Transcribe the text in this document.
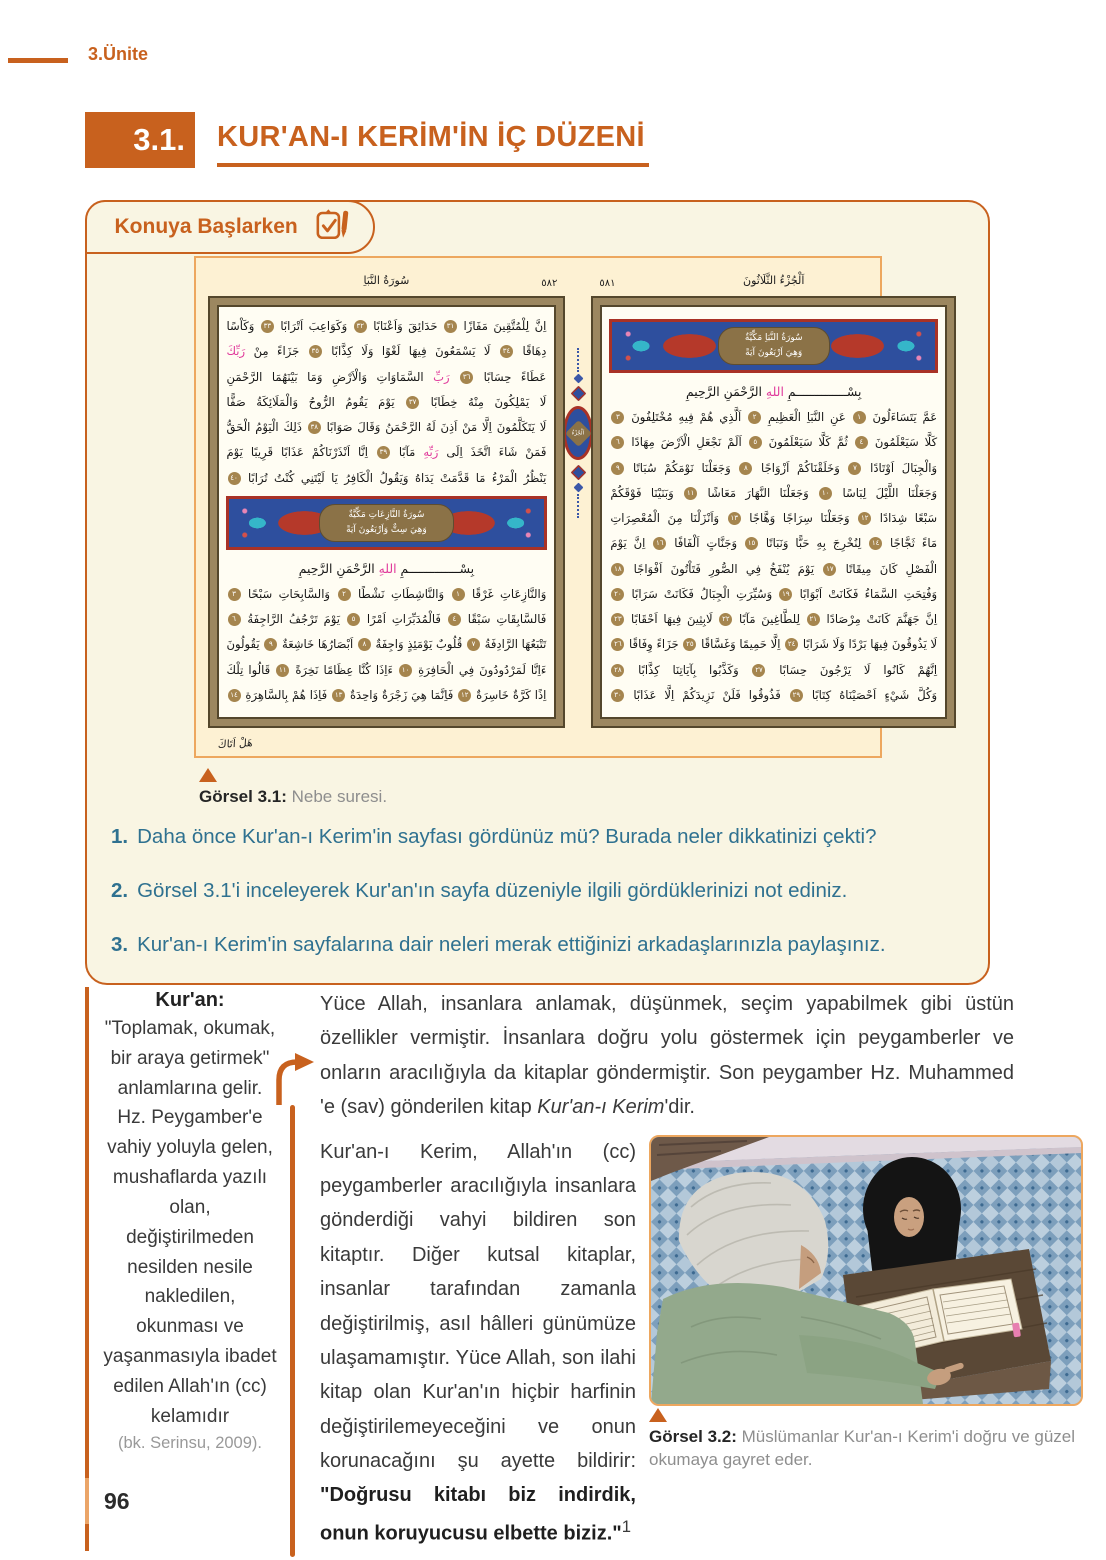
3.Ünite
3.1.	KUR'AN-I KERİM'İN İÇ DÜZENİ
Konuya Başlarken
سُورَةُ النَّبَاِ	٥٨٢
اِنَّ لِلْمُتَّقِينَ مَفَازًا ٣١ حَدَائِقَ وَاَعْنَابًا ٣٢ وَكَوَاعِبَ اَتْرَابًا ٣٣ وَكَاْسًا
دِهَاقًا ٣٤ لَا يَسْمَعُونَ فِيهَا لَغْوًا وَلَا كِذَّابًا ٣٥ جَزَاءً مِنْ رَبِّكَ
عَطَاءً حِسَابًا ٣٦ رَبِّ السَّمَاوَاتِ وَالْاَرْضِ وَمَا بَيْنَهُمَا الرَّحْمَنِ
لَا يَمْلِكُونَ مِنْهُ خِطَابًا ٣٧ يَوْمَ يَقُومُ الرُّوحُ وَالْمَلَائِكَةُ صَفًّا
لَا يَتَكَلَّمُونَ اِلَّا مَنْ اَذِنَ لَهُ الرَّحْمَنُ وَقَالَ صَوَابًا ٣٨ ذَلِكَ الْيَوْمُ الْحَقُّ
فَمَنْ شَاءَ اتَّخَذَ اِلَى رَبِّهِ مَآبًا ٣٩ اِنَّا اَنْذَرْنَاكُمْ عَذَابًا قَرِيبًا يَوْمَ
يَنْظُرُ الْمَرْءُ مَا قَدَّمَتْ يَدَاهُ وَيَقُولُ الْكَافِرُ يَا لَيْتَنِي كُنْتُ تُرَابًا ٤٠
سُورَةُ النَّازِعَاتِ مَكِّيَّةٌ
وَهِيَ سِتٌّ وَاَرْبَعُونَ آيَةً
بِسْــــــــــــــمِ اللهِ الرَّحْمَنِ الرَّحِيمِ
وَالنَّازِعَاتِ غَرْقًا ١ وَالنَّاشِطَاتِ نَشْطًا ٢ وَالسَّابِحَاتِ سَبْحًا ٣
فَالسَّابِقَاتِ سَبْقًا ٤ فَالْمُدَبِّرَاتِ اَمْرًا ٥ يَوْمَ تَرْجُفُ الرَّاجِفَةُ ٦
تَتْبَعُهَا الرَّادِفَةُ ٧ قُلُوبٌ يَوْمَئِذٍ وَاجِفَةٌ ٨ اَبْصَارُهَا خَاشِعَةٌ ٩ يَقُولُونَ
ءَاِنَّا لَمَرْدُودُونَ فِي الْحَافِرَةِ ١٠ ءَاِذَا كُنَّا عِظَامًا نَخِرَةً ١١ قَالُوا تِلْكَ
اِذًا كَرَّةٌ خَاسِرَةٌ ١٢ فَاِنَّمَا هِيَ زَجْرَةٌ وَاحِدَةٌ ١٣ فَاِذَا هُمْ بِالسَّاهِرَةِ ١٤
هَلْ اَتَاكَ
اَلْجُزْءُ
اَلْجُزْءُ الثَّلَاثُونَ
٥٨١
سُورَةُ النَّبَاِ مَكِّيَّةٌ
وَهِيَ اَرْبَعُونَ آيَةً
بِسْــــــــــــــمِ اللهِ الرَّحْمَنِ الرَّحِيمِ
عَمَّ يَتَسَاءَلُونَ ١ عَنِ النَّبَاِ الْعَظِيمِ ٢ اَلَّذِي هُمْ فِيهِ مُخْتَلِفُونَ ٣
كَلَّا سَيَعْلَمُونَ ٤ ثُمَّ كَلَّا سَيَعْلَمُونَ ٥ اَلَمْ نَجْعَلِ الْاَرْضَ مِهَادًا ٦
وَالْجِبَالَ اَوْتَادًا ٧ وَخَلَقْنَاكُمْ اَزْوَاجًا ٨ وَجَعَلْنَا نَوْمَكُمْ سُبَاتًا ٩
وَجَعَلْنَا اللَّيْلَ لِبَاسًا ١٠ وَجَعَلْنَا النَّهَارَ مَعَاشًا ١١ وَبَنَيْنَا فَوْقَكُمْ
سَبْعًا شِدَادًا ١٢ وَجَعَلْنَا سِرَاجًا وَهَّاجًا ١٣ وَاَنْزَلْنَا مِنَ الْمُعْصِرَاتِ
مَاءً ثَجَّاجًا ١٤ لِنُخْرِجَ بِهِ حَبًّا وَنَبَاتًا ١٥ وَجَنَّاتٍ اَلْفَافًا ١٦ اِنَّ يَوْمَ
الْفَصْلِ كَانَ مِيقَاتًا ١٧ يَوْمَ يُنْفَخُ فِي الصُّورِ فَتَاْتُونَ اَفْوَاجًا ١٨
وَفُتِحَتِ السَّمَاءُ فَكَانَتْ اَبْوَابًا ١٩ وَسُيِّرَتِ الْجِبَالُ فَكَانَتْ سَرَابًا ٢٠
اِنَّ جَهَنَّمَ كَانَتْ مِرْصَادًا ٢١ لِلطَّاغِينَ مَآبًا ٢٢ لَابِثِينَ فِيهَا اَحْقَابًا ٢٣
لَا يَذُوقُونَ فِيهَا بَرْدًا وَلَا شَرَابًا ٢٤ اِلَّا حَمِيمًا وَغَسَّاقًا ٢٥ جَزَاءً وِفَاقًا ٢٦
اِنَّهُمْ كَانُوا لَا يَرْجُونَ حِسَابًا ٢٧ وَكَذَّبُوا بِآيَاتِنَا كِذَّابًا ٢٨
وَكُلَّ شَيْءٍ اَحْصَيْنَاهُ كِتَابًا ٢٩ فَذُوقُوا فَلَنْ نَزِيدَكُمْ اِلَّا عَذَابًا ٣٠
Görsel 3.1: Nebe suresi.
1. Daha önce Kur'an-ı Kerim'in sayfası gördünüz mü? Burada neler dikkatinizi çekti?
2. Görsel 3.1'i inceleyerek Kur'an'ın sayfa düzeniyle ilgili gördüklerinizi not ediniz.
3. Kur'an-ı Kerim'in sayfalarına dair neleri merak ettiğinizi arkadaşlarınızla paylaşınız.
Kur'an:
"Toplamak, okumak, bir araya getirmek" anlamlarına gelir. Hz. Peygamber'e vahiy yoluyla gelen, mushaflarda yazılı olan, değiştirilmeden nesilden nesile nakledilen, okunması ve yaşanmasıyla ibadet edilen Allah'ın (cc) kelamıdır
(bk. Serinsu, 2009).

Yüce Allah, insanlara anlamak, düşünmek, seçim yapabilmek gibi üstün özellikler vermiştir. İnsanlara doğru yolu göstermek için peygamberler ve onların aracılığıyla da kitaplar göndermiştir. Son peygamber Hz. Muhammed 'e (sav) gönderilen kitap Kur'an-ı Kerim'dir.

Kur'an-ı Kerim, Allah'ın (cc) peygamberler aracılığıyla insanlara gönderdiği vahyi bildiren son kitaptır. Diğer kutsal kitaplar, insanlar tarafından zamanla değiştirilmiş, asıl hâlleri günümüze ulaşamamıştır. Yüce Allah, son ilahi kitap olan Kur'an'ın hiçbir harfinin değiştirilemeyeceğini ve onun korunacağını şu ayette bildirir: "Doğrusu kitabı biz indirdik, onun koruyucusu elbette biziz."$^1$

Görsel 3.2: Müslümanlar Kur'an-ı Kerim'i doğru ve güzel okumaya gayret eder.
96
